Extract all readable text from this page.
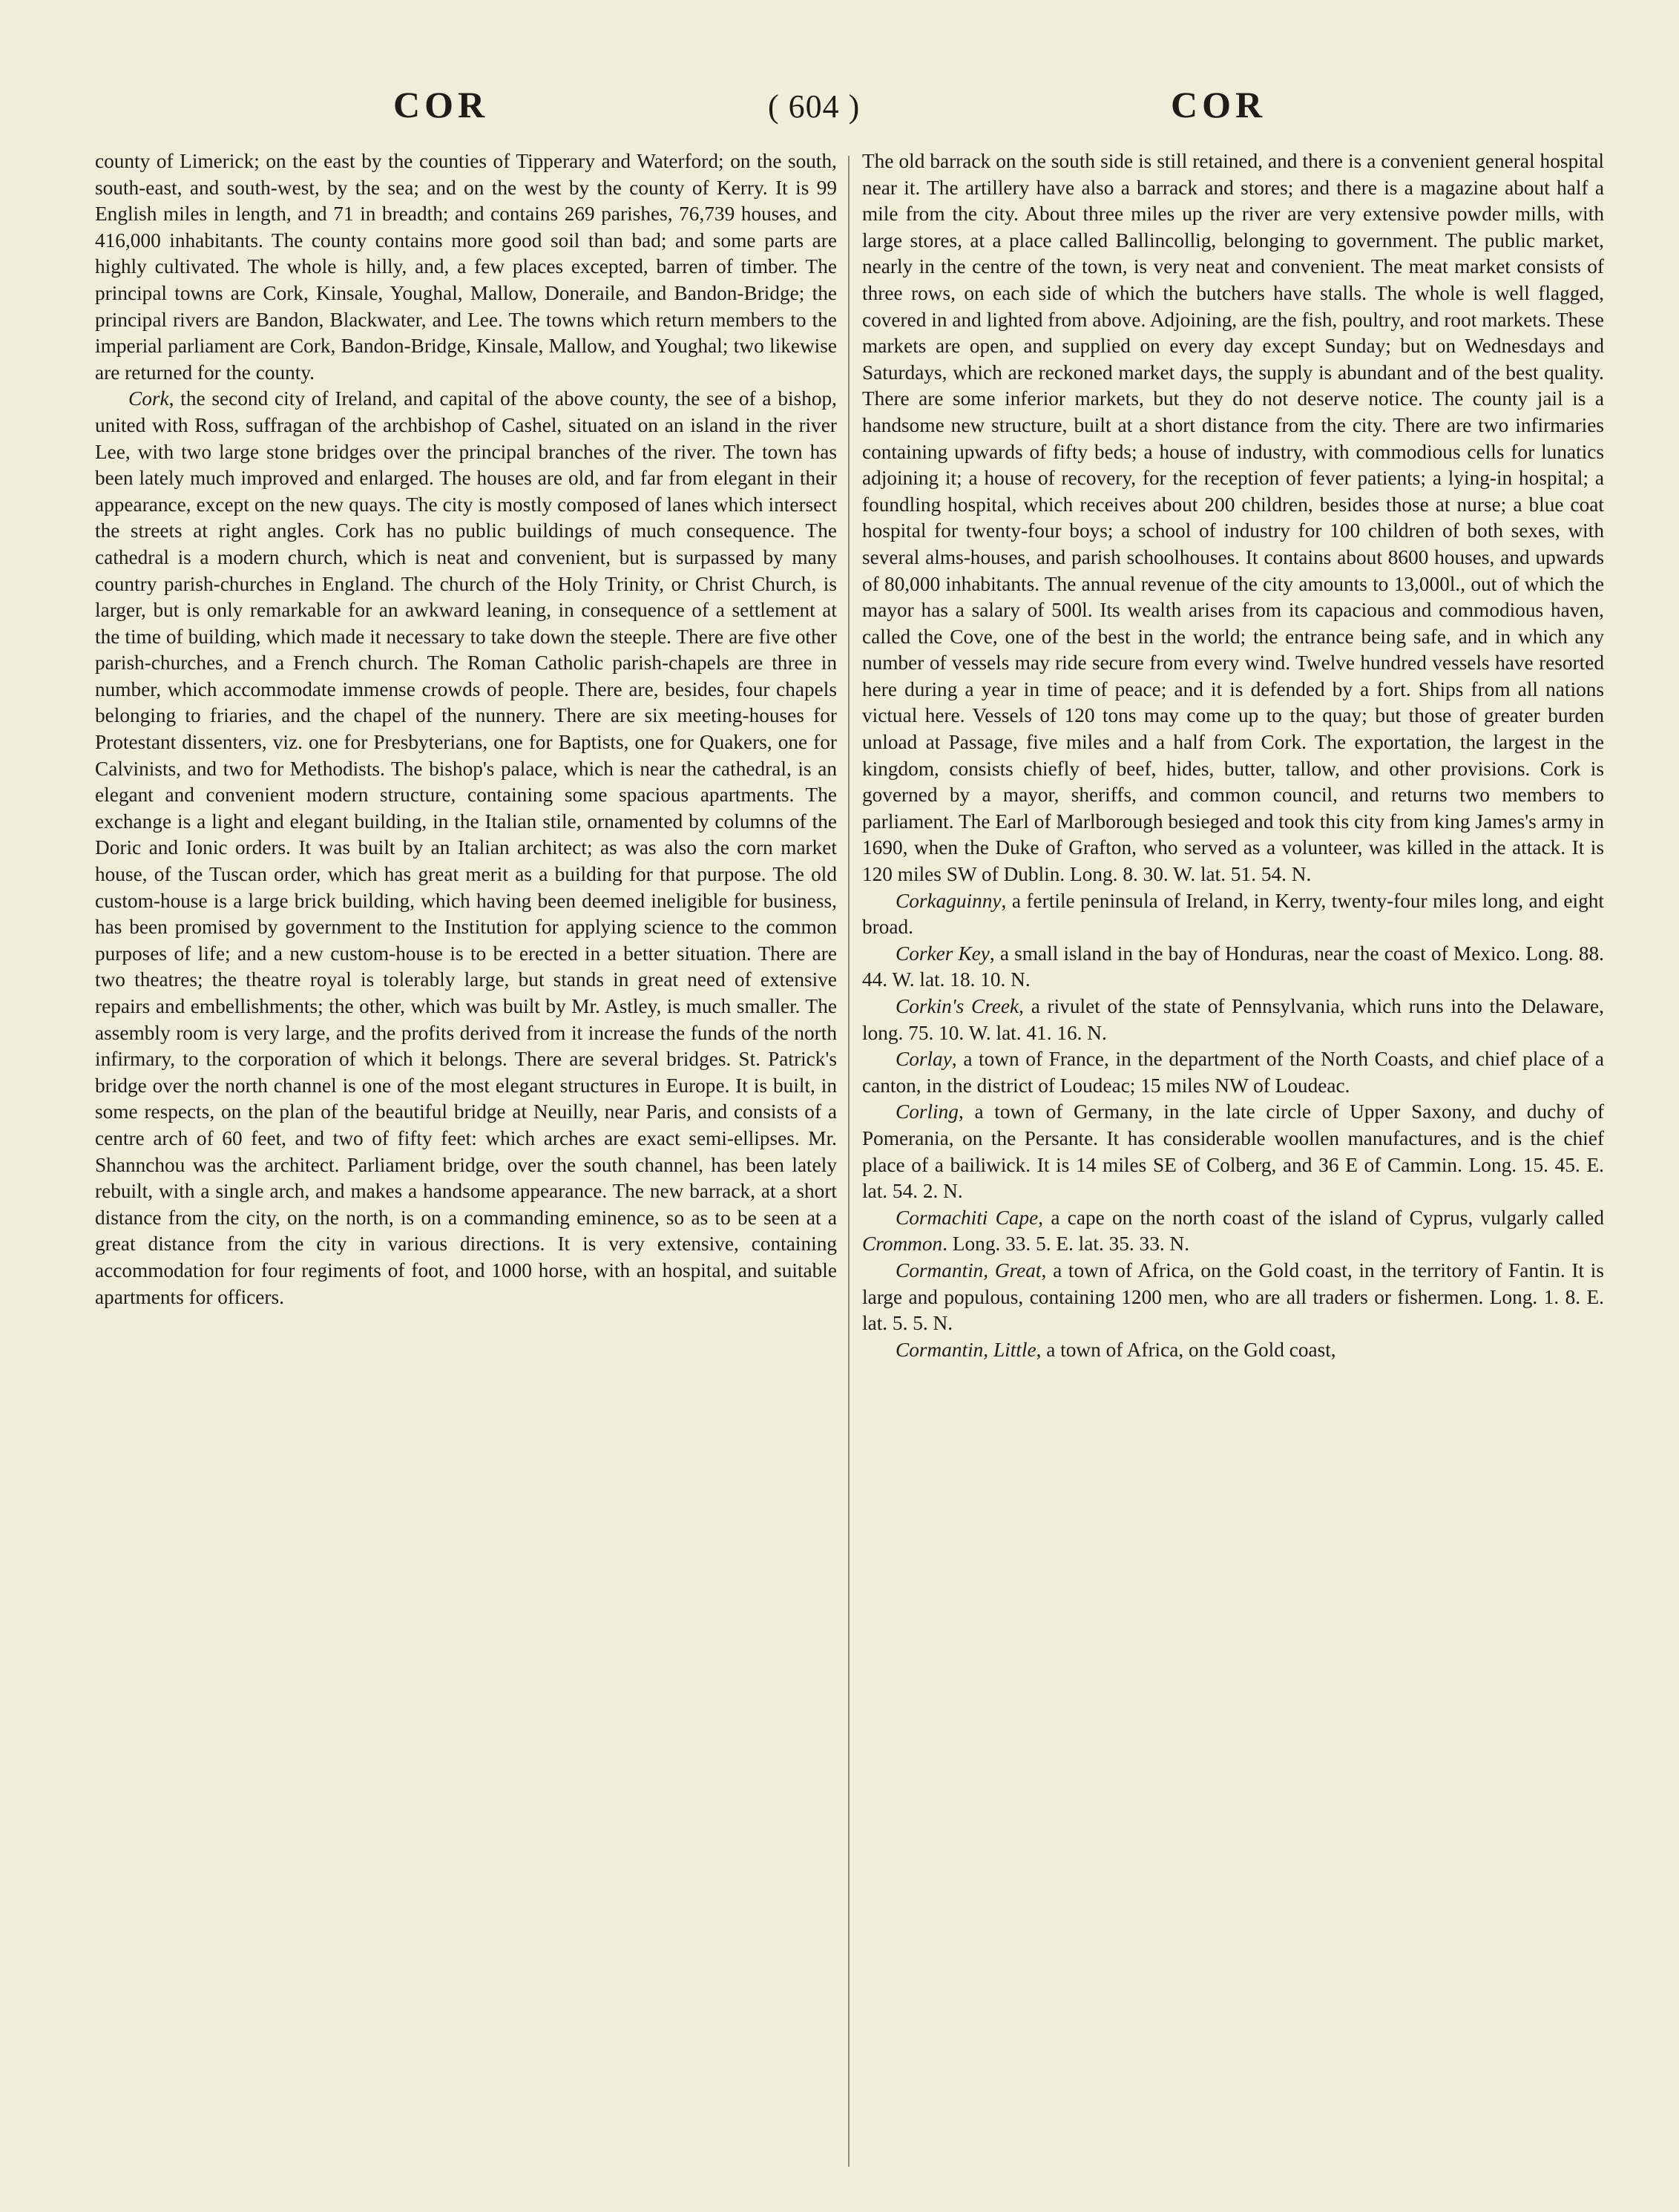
COR	( 604 )	COR

county of Limerick; on the east by the counties of Tipperary and Waterford; on the south, south-east, and south-west, by the sea; and on the west by the county of Kerry. It is 99 English miles in length, and 71 in breadth; and contains 269 parishes, 76,739 houses, and 416,000 inhabitants. The county contains more good soil than bad; and some parts are highly cultivated. The whole is hilly, and, a few places excepted, barren of timber. The principal towns are Cork, Kinsale, Youghal, Mallow, Doneraile, and Bandon-Bridge; the principal rivers are Bandon, Blackwater, and Lee. The towns which return members to the imperial parliament are Cork, Bandon-Bridge, Kinsale, Mallow, and Youghal; two likewise are returned for the county.

Cork, the second city of Ireland, and capital of the above county, the see of a bishop, united with Ross, suffragan of the archbishop of Cashel, situated on an island in the river Lee, with two large stone bridges over the principal branches of the river. The town has been lately much improved and enlarged. The houses are old, and far from elegant in their appearance, except on the new quays. The city is mostly composed of lanes which intersect the streets at right angles. Cork has no public buildings of much consequence. The cathedral is a modern church, which is neat and convenient, but is surpassed by many country parish-churches in England. The church of the Holy Trinity, or Christ Church, is larger, but is only remarkable for an awkward leaning, in consequence of a settlement at the time of building, which made it necessary to take down the steeple. There are five other parish-churches, and a French church. The Roman Catholic parish-chapels are three in number, which accommodate immense crowds of people. There are, besides, four chapels belonging to friaries, and the chapel of the nunnery. There are six meeting-houses for Protestant dissenters, viz. one for Presbyterians, one for Baptists, one for Quakers, one for Calvinists, and two for Methodists. The bishop's palace, which is near the cathedral, is an elegant and convenient modern structure, containing some spacious apartments. The exchange is a light and elegant building, in the Italian stile, ornamented by columns of the Doric and Ionic orders. It was built by an Italian architect; as was also the corn market house, of the Tuscan order, which has great merit as a building for that purpose. The old custom-house is a large brick building, which having been deemed ineligible for business, has been promised by government to the Institution for applying science to the common purposes of life; and a new custom-house is to be erected in a better situation. There are two theatres; the theatre royal is tolerably large, but stands in great need of extensive repairs and embellishments; the other, which was built by Mr. Astley, is much smaller. The assembly room is very large, and the profits derived from it increase the funds of the north infirmary, to the corporation of which it belongs. There are several bridges. St. Patrick's bridge over the north channel is one of the most elegant structures in Europe. It is built, in some respects, on the plan of the beautiful bridge at Neuilly, near Paris, and consists of a centre arch of 60 feet, and two of fifty feet: which arches are exact semi-ellipses. Mr. Shannchou was the architect. Parliament bridge, over the south channel, has been lately rebuilt, with a single arch, and makes a handsome appearance. The new barrack, at a short distance from the city, on the north, is on a commanding eminence, so as to be seen at a great distance from the city in various directions. It is very extensive, containing accommodation for four regiments of foot, and 1000 horse, with an hospital, and suitable apartments for officers.

The old barrack on the south side is still retained, and there is a convenient general hospital near it. The artillery have also a barrack and stores; and there is a magazine about half a mile from the city. About three miles up the river are very extensive powder mills, with large stores, at a place called Ballincollig, belonging to government. The public market, nearly in the centre of the town, is very neat and convenient. The meat market consists of three rows, on each side of which the butchers have stalls. The whole is well flagged, covered in and lighted from above. Adjoining, are the fish, poultry, and root markets. These markets are open, and supplied on every day except Sunday; but on Wednesdays and Saturdays, which are reckoned market days, the supply is abundant and of the best quality. There are some inferior markets, but they do not deserve notice. The county jail is a handsome new structure, built at a short distance from the city. There are two infirmaries containing upwards of fifty beds; a house of industry, with commodious cells for lunatics adjoining it; a house of recovery, for the reception of fever patients; a lying-in hospital; a foundling hospital, which receives about 200 children, besides those at nurse; a blue coat hospital for twenty-four boys; a school of industry for 100 children of both sexes, with several alms-houses, and parish schoolhouses. It contains about 8600 houses, and upwards of 80,000 inhabitants. The annual revenue of the city amounts to 13,000l., out of which the mayor has a salary of 500l. Its wealth arises from its capacious and commodious haven, called the Cove, one of the best in the world; the entrance being safe, and in which any number of vessels may ride secure from every wind. Twelve hundred vessels have resorted here during a year in time of peace; and it is defended by a fort. Ships from all nations victual here. Vessels of 120 tons may come up to the quay; but those of greater burden unload at Passage, five miles and a half from Cork. The exportation, the largest in the kingdom, consists chiefly of beef, hides, butter, tallow, and other provisions. Cork is governed by a mayor, sheriffs, and common council, and returns two members to parliament. The Earl of Marlborough besieged and took this city from king James's army in 1690, when the Duke of Grafton, who served as a volunteer, was killed in the attack. It is 120 miles SW of Dublin. Long. 8. 30. W. lat. 51. 54. N.

Corkaguinny, a fertile peninsula of Ireland, in Kerry, twenty-four miles long, and eight broad.

Corker Key, a small island in the bay of Honduras, near the coast of Mexico. Long. 88. 44. W. lat. 18. 10. N.

Corkin's Creek, a rivulet of the state of Pennsylvania, which runs into the Delaware, long. 75. 10. W. lat. 41. 16. N.

Corlay, a town of France, in the department of the North Coasts, and chief place of a canton, in the district of Loudeac; 15 miles NW of Loudeac.

Corling, a town of Germany, in the late circle of Upper Saxony, and duchy of Pomerania, on the Persante. It has considerable woollen manufactures, and is the chief place of a bailiwick. It is 14 miles SE of Colberg, and 36 E of Cammin. Long. 15. 45. E. lat. 54. 2. N.

Cormachiti Cape, a cape on the north coast of the island of Cyprus, vulgarly called Crommon. Long. 33. 5. E. lat. 35. 33. N.

Cormantin, Great, a town of Africa, on the Gold coast, in the territory of Fantin. It is large and populous, containing 1200 men, who are all traders or fishermen. Long. 1. 8. E. lat. 5. 5. N.

Cormantin, Little, a town of Africa, on the Gold coast,
